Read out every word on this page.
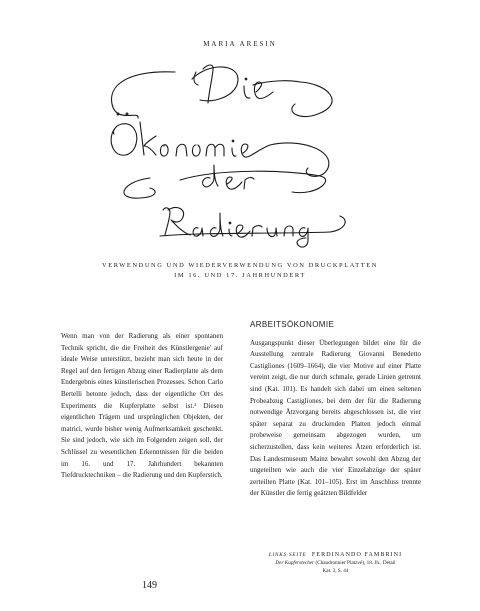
MARIA ARESIN
VERWENDUNG UND WIEDERVERWENDUNG VON DRUCKPLATTEN
IM 16. UND 17. JAHRHUNDERT

Wenn man von der Radierung als einer spontanen Technik spricht, die die Freiheit des Künstlergenie' auf ideale Weise unterstützt, bezieht man sich heute in der Regel auf den fertigen Abzug einer Radierplatte als dem Endergebnis eines künstlerischen Prozesses. Schon Carlo Bertelli betonte jedoch, dass der eigentliche Ort des Experiments die Kupferplatte selbst ist.¹ Diesen eigentlichen Trägern und ursprünglichen Objekten, der matrici, wurde bisher wenig Aufmerksamkeit geschenkt. Sie sind jedoch, wie sich im Folgenden zeigen soll, der Schlüssel zu wesentlichen Erkenntnissen für die beiden im 16. und 17. Jahrhundert bekannten Tiefdrucktechniken – die Radierung und den Kupferstich.

ARBEITSÖKONOMIE

Ausgangspunkt dieser Überlegungen bildet eine für die Ausstellung zentrale Radierung Giovanni Benedetto Castigliones (1609–1664), die vier Motive auf einer Platte vereint zeigt, die nur durch schmale, gerade Linien getrennt sind (Kat. 101). Es handelt sich dabei um einen seltenen Probeabzug Castigliones, bei dem der für die Radierung notwendige Ätzvorgang bereits abgeschlossen ist, die vier später separat zu druckenden Platten jedoch einmal probeweise gemeinsam abgezogen wurden, um sicherzustellen, dass kein weiteres Ätzen erforderlich ist. Das Landesmuseum Mainz bewahrt sowohl den Abzug der ungeteilten wie auch die vier Einzelabzüge der später zerteilten Platte (Kat. 101–105). Erst im Anschluss trennte der Künstler die fertig geätzten Bildfelder

LINKS SEITE FERDINANDO FAMBRINI
Der Kupferstecher (Chaudronnier Platzvé), 18. Jh., Detail
Kat. 3, S. 44
149
